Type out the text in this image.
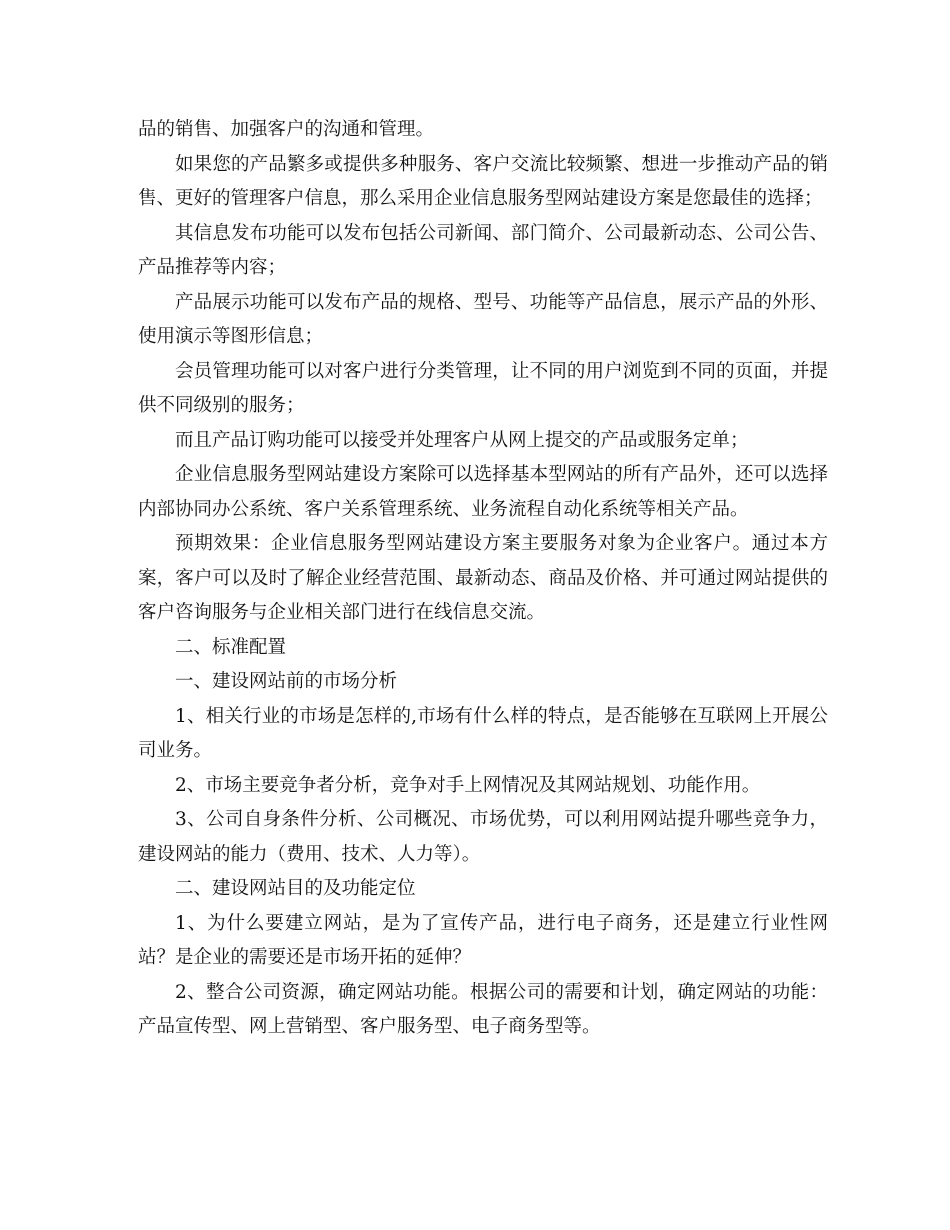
品的销售、加强客户的沟通和管理。

如果您的产品繁多或提供多种服务、客户交流比较频繁、想进一步推动产品的销售、更好的管理客户信息，那么采用企业信息服务型网站建设方案是您最佳的选择；

其信息发布功能可以发布包括公司新闻、部门简介、公司最新动态、公司公告、产品推荐等内容；

产品展示功能可以发布产品的规格、型号、功能等产品信息，展示产品的外形、使用演示等图形信息；

会员管理功能可以对客户进行分类管理，让不同的用户浏览到不同的页面，并提供不同级别的服务；

而且产品订购功能可以接受并处理客户从网上提交的产品或服务定单；

企业信息服务型网站建设方案除可以选择基本型网站的所有产品外，还可以选择内部协同办公系统、客户关系管理系统、业务流程自动化系统等相关产品。

预期效果：企业信息服务型网站建设方案主要服务对象为企业客户。通过本方案，客户可以及时了解企业经营范围、最新动态、商品及价格、并可通过网站提供的客户咨询服务与企业相关部门进行在线信息交流。

二、标准配置

一、建设网站前的市场分析

1、相关行业的市场是怎样的,市场有什么样的特点，是否能够在互联网上开展公司业务。

2、市场主要竞争者分析，竞争对手上网情况及其网站规划、功能作用。

3、公司自身条件分析、公司概况、市场优势，可以利用网站提升哪些竞争力，建设网站的能力（费用、技术、人力等）。

二、建设网站目的及功能定位

1、为什么要建立网站，是为了宣传产品，进行电子商务，还是建立行业性网站？是企业的需要还是市场开拓的延伸？

2、整合公司资源，确定网站功能。根据公司的需要和计划，确定网站的功能：产品宣传型、网上营销型、客户服务型、电子商务型等。
